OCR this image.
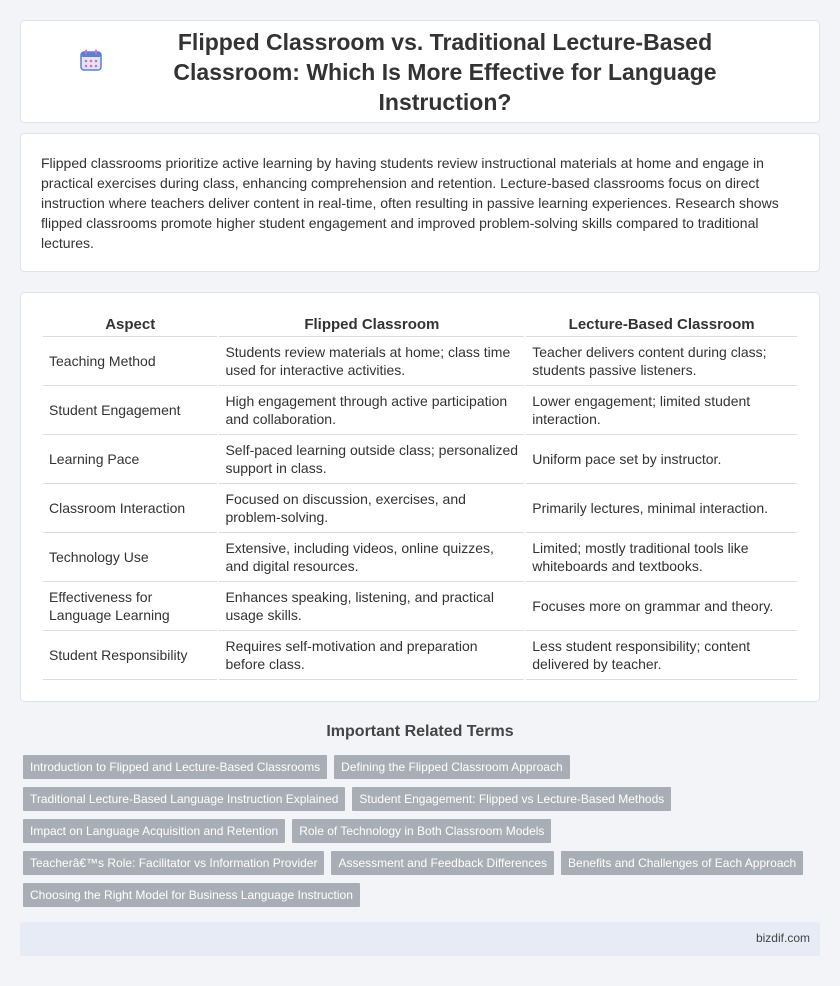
Flipped Classroom vs. Traditional Lecture-Based Classroom: Which Is More Effective for Language Instruction?

Flipped classrooms prioritize active learning by having students review instructional materials at home and engage in practical exercises during class, enhancing comprehension and retention. Lecture-based classrooms focus on direct instruction where teachers deliver content in real-time, often resulting in passive learning experiences. Research shows flipped classrooms promote higher student engagement and improved problem-solving skills compared to traditional lectures.

Aspect	Flipped Classroom	Lecture-Based Classroom
Teaching Method	Students review materials at home; class time used for interactive activities.	Teacher delivers content during class; students passive listeners.
Student Engagement	High engagement through active participation and collaboration.	Lower engagement; limited student interaction.
Learning Pace	Self-paced learning outside class; personalized support in class.	Uniform pace set by instructor.
Classroom Interaction	Focused on discussion, exercises, and problem-solving.	Primarily lectures, minimal interaction.
Technology Use	Extensive, including videos, online quizzes, and digital resources.	Limited; mostly traditional tools like whiteboards and textbooks.
Effectiveness for Language Learning	Enhances speaking, listening, and practical usage skills.	Focuses more on grammar and theory.
Student Responsibility	Requires self-motivation and preparation before class.	Less student responsibility; content delivered by teacher.
Important Related Terms
Introduction to Flipped and Lecture-Based Classrooms	Defining the Flipped Classroom Approach
Traditional Lecture-Based Language Instruction Explained	Student Engagement: Flipped vs Lecture-Based Methods
Impact on Language Acquisition and Retention	Role of Technology in Both Classroom Models
Teacherâ€™s Role: Facilitator vs Information Provider	Assessment and Feedback Differences	Benefits and Challenges of Each Approach
Choosing the Right Model for Business Language Instruction
bizdif.com
